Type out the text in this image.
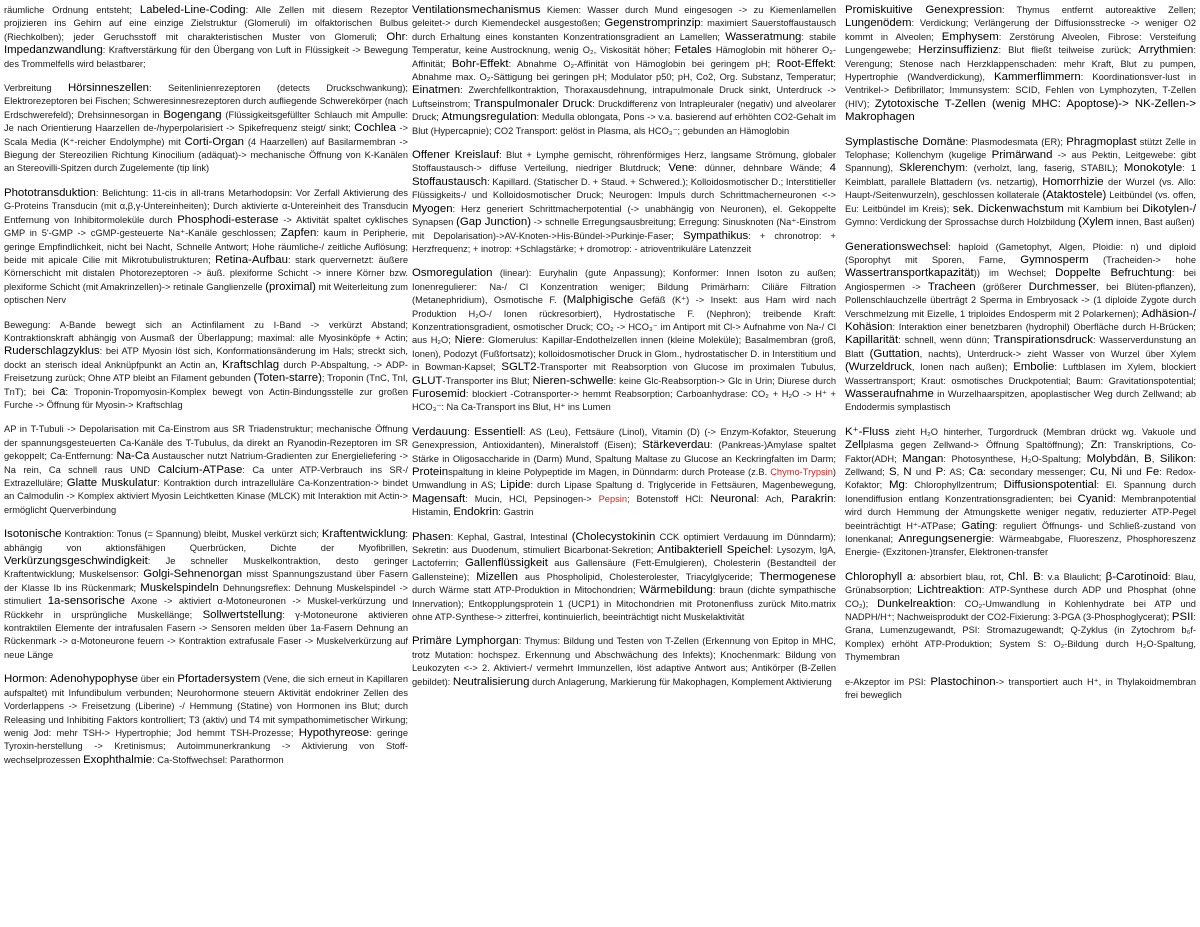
räumliche Ordnung entsteht; Labeled-Line-Coding: Alle Zellen mit diesem Rezeptor projizieren ins Gehirn auf eine einzige Zielstruktur (Glomeruli) im olfaktorischen Bulbus (Riechkolben); jeder Geruchsstoff mit charakteristischen Muster von Glomeruli; Ohr: Impedanzwandlung: Kraftverstärkung für den Übergang von Luft in Flüssigkeit -> Bewegung des Trommelfells wird belastbarer;

Verbreitung Hörsinneszellen: Seitenlinienrezeptoren (detects Druckschwankung); Elektrorezeptoren bei Fischen; Schweresinnesrezeptoren durch aufliegende Schwerekörper (nach Erdschwerefeld); Drehsinnesorgan in Bogengang (Flüssigkeitsgefüllter Schlauch mit Ampulle: Je nach Orientierung Haarzellen de-/hyperpolarisiert -> Spikefrequenz steigt/ sinkt; Cochlea -> Scala Media (K⁺-reicher Endolymphe) mit Corti-Organ (4 Haarzellen) auf Basilarmembran -> Biegung der Stereozilien Richtung Kinocilium (adäquat)-> mechanische Öffnung von K-Kanälen an Stereovilli-Spitzen durch Zugelemente (tip link)

Phototransduktion: Belichtung: 11-cis in all-trans Metarhodopsin: Vor Zerfall Aktivierung des G-Proteins Transducin (mit α,β,γ-Untereinheiten); Durch aktivierte α-Untereinheit des Transducin Entfernung von Inhibitormoleküle durch Phosphodi-esterase -> Aktivität spaltet cyklisches GMP in 5'-GMP -> cGMP-gesteuerte Na⁺-Kanäle geschlossen; Zapfen: kaum in Peripherie, geringe Empfindlichkeit, nicht bei Nacht, Schnelle Antwort; Hohe räumliche-/ zeitliche Auflösung; beide mit apicale Cilie mit Mikrotubulistrukturen; Retina-Aufbau: stark quervernetzt: äußere Körnerschicht mit distalen Photorezeptoren -> äuß. plexiforme Schicht -> innere Körner bzw. plexiforme Schicht (mit Amakrinzellen)-> retinale Ganglienzelle (proximal) mit Weiterleitung zum optischen Nerv

Bewegung: A-Bande bewegt sich an Actinfilament zu I-Band -> verkürzt Abstand; Kontraktionskraft abhängig von Ausmaß der Überlappung; maximal: alle Myosinköpfe + Actin; Ruderschlagzyklus: bei ATP Myosin löst sich, Konformationsänderung im Hals; streckt sich, dockt an sterisch ideal Anknüpfpunkt an Actin an, Kraftschlag durch P-Abspaltung, -> ADP-Freisetzung zurück; Ohne ATP bleibt an Filament gebunden (Toten-starre); Troponin (TnC, TnI, TnT); bei Ca: Troponin-Tropomyosin-Komplex bewegt von Actin-Bindungsstelle zur großen Furche -> Öffnung für Myosin-> Kraftschlag

AP in T-Tubuli -> Depolarisation mit Ca-Einstrom aus SR Triadenstruktur; mechanische Öffnung der spannungsgesteuerten Ca-Kanäle des T-Tubulus, da direkt an Ryanodin-Rezeptoren im SR gekoppelt; Ca-Entfernung: Na-Ca Austauscher nutzt Natrium-Gradienten zur Energieliefering -> Na rein, Ca schnell raus UND Calcium-ATPase: Ca unter ATP-Verbrauch ins SR-/ Extrazelluläre; Glatte Muskulatur: Kontraktion durch intrazelluläre Ca-Konzentration-> bindet an Calmodulin -> Komplex aktiviert Myosin Leichtketten Kinase (MLCK) mit Interaktion mit Actin-> ermöglicht Querverbindung

Isotonische Kontraktion: Tonus (= Spannung) bleibt, Muskel verkürzt sich; Kraftentwicklung: abhängig von aktionsfähigen Querbrücken, Dichte der Myofibrillen, Verkürzungsgeschwindigkeit: Je schneller Muskelkontraktion, desto geringer Kraftentwicklung; Muskelsensor: Golgi-Sehnenorgan misst Spannungszustand über Fasern der Klasse Ib ins Rückenmark; Muskelspindeln Dehnungsreflex: Dehnung Muskelspindel -> stimuliert 1a-sensorische Axone -> aktiviert α-Motoneuronen -> Muskel-verkürzung und Rückkehr in ursprüngliche Muskellänge; Sollwertstellung: γ-Motoneurone aktivieren kontraktilen Elemente der intrafusalen Fasern -> Sensoren melden über 1a-Fasern Dehnung an Rückenmark -> α-Motoneurone feuern -> Kontraktion extrafusale Faser -> Muskelverkürzung auf neue Länge

Hormon: Adenohypophyse über ein Pfortadersystem (Vene, die sich erneut in Kapillaren aufspaltet) mit Infundibulum verbunden; Neurohormone steuern Aktivität endokriner Zellen des Vorderlappens -> Freisetzung (Liberine) -/ Hemmung (Statine) von Hormonen ins Blut; durch Releasing und Inhibiting Faktors kontrolliert; T3 (aktiv) und T4 mit sympathomimetischer Wirkung; wenig Jod: mehr TSH-> Hypertrophie; Jod hemmt TSH-Prozesse; Hypothyreose: geringe Tyroxin-herstellung -> Kretinismus; Autoimmunerkrankung -> Aktivierung von Stoff-wechselprozessen Exophthalmie: Ca-Stoffwechsel: Parathormon

Ventilationsmechanismus Kiemen: Wasser durch Mund eingesogen -> zu Kiemenlamellen geleitet-> durch Kiemendeckel ausgestoßen; Gegenstromprinzip: maximiert Sauerstoffaustausch durch Erhaltung eines konstanten Konzentrationsgradient an Lamellen; Wasseratmung: stabile Temperatur, keine Austrocknung, wenig O₂, Viskosität höher; Fetales Hämoglobin mit höherer O₂-Affinität; Bohr-Effekt: Abnahme O₂-Affinität von Hämoglobin bei geringem pH; Root-Effekt: Abnahme max. O₂-Sättigung bei geringen pH; Modulator p50; pH, Co2, Org. Substanz, Temperatur; Einatmen: Zwerchfellkontraktion, Thoraxausdehnung, intrapulmonale Druck sinkt, Unterdruck -> Luftseinstrom; Transpulmonaler Druck: Druckdifferenz von Intrapleuraler (negativ) und alveolarer Druck; Atmungsregulation: Medulla oblongata, Pons -> v.a. basierend auf erhöhten CO2-Gehalt im Blut (Hypercapnie); CO2 Transport: gelöst in Plasma, als HCO₃⁻; gebunden an Hämoglobin

Offener Kreislauf: Blut + Lymphe gemischt, röhrenförmiges Herz, langsame Strömung, globaler Stoffaustausch-> diffuse Verteilung, niedriger Blutdruck; Vene: dünner, dehnbare Wände; 4 Stoffaustausch: Kapillard. (Statischer D. + Staud. + Schwered.); Kolloidosmotischer D.; Interstitieller Flüssigkeits-/ und Kolloidosmotischer Druck; Neurogen: Impuls durch Schrittmacherneuronen <-> Myogen: Herz generiert Schrittmacherpotential (-> unabhängig von Neuronen), el. Gekoppelte Synapsen (Gap Junction) -> schnelle Erregungsausbreitung; Erregung: Sinusknoten (Na⁺-Einstrom mit Depolarisation)->AV-Knoten->His-Bündel->Purkinje-Faser; Sympathikus: + chronotrop: + Herzfrequenz; + inotrop: +Schlagstärke; + dromotrop: - atrioventrikuläre Latenzzeit

Osmoregulation (linear): Euryhalin (gute Anpassung); Konformer: Innen Isoton zu außen; Ionenregulierer: Na-/ Cl Konzentration weniger; Bildung Primärharn: Ciliäre Filtration (Metanephridium), Osmotische F. (Malphigische Gefäß (K⁺) -> Insekt: aus Harn wird nach Produktion H₂O-/ Ionen rückresorbiert), Hydrostatische F. (Nephron); treibende Kraft: Konzentrationsgradient, osmotischer Druck; CO₂ -> HCO₃⁻ im Antiport mit Cl-> Aufnahme von Na-/ Cl aus H₂O; Niere: Glomerulus: Kapillar-Endothelzellen innen (kleine Moleküle); Basalmembran (groß, Ionen), Podozyt (Fußfortsatz); kolloidosmotischer Druck in Glom., hydrostatischer D. in Interstitium und in Bowman-Kapsel; SGLT2-Transporter mit Reabsorption von Glucose im proximalen Tubulus, GLUT-Transporter ins Blut; Nieren-schwelle: keine Glc-Reabsorption-> Glc in Urin; Diurese durch Furosemid: blockiert -Cotransporter-> hemmt Reabsorption; Carboanhydrase: CO₂ + H₂O -> H⁺ + HCO₃⁻: Na Ca-Transport ins Blut, H⁺ ins Lumen

Verdauung: Essentiell: AS (Leu), Fettsäure (Linol), Vitamin (D) (-> Enzym-Kofaktor, Steuerung Genexpression, Antioxidanten), Mineralstoff (Eisen); Stärkeverdau: (Pankreas-)Amylase spaltet Stärke in Oligosaccharide in (Darm) Mund, Spaltung Maltase zu Glucose an Keckringfalten im Darm; Proteinspaltung in kleine Polypeptide im Magen, in Dünndarm: durch Protease (z.B. Chymo-Trypsin) Umwandlung in AS; Lipide: durch Lipase Spaltung d. Triglyceride in Fettsäuren, Magenbewegung, Magensaft: Mucin, HCl, Pepsinogen-> Pepsin; Botenstoff HCl: Neuronal: Ach, Parakrin: Histamin, Endokrin: Gastrin

Phasen: Kephal, Gastral, Intestinal (Cholecystokinin CCK optimiert Verdauung im Dünndarm); Sekretin: aus Duodenum, stimuliert Bicarbonat-Sekretion; Antibakteriell Speichel: Lysozym, IgA, Lactoferrin; Gallenflüssigkeit aus Gallensäure (Fett-Emulgieren), Cholesterin (Bestandteil der Gallensteine); Mizellen aus Phospholipid, Cholesterolester, Triacylglyceride; Thermogenese durch Wärme statt ATP-Produktion in Mitochondrien; Wärmebildung: braun (dichte sympathische Innervation); Entkopplungsprotein 1 (UCP1) in Mitochondrien mit Protonenfluss zurück Mito.matrix ohne ATP-Synthese-> zitterfrei, kontinuierlich, beeinträchtigt nicht Muskelaktivität

Primäre Lymphorgan: Thymus: Bildung und Testen von T-Zellen (Erkennung von Epitop in MHC, trotz Mutation: hochspez. Erkennung und Abschwächung des Infekts); Knochenmark: Bildung von Leukozyten <-> 2. Aktiviert-/ vermehrt Immunzellen, löst adaptive Antwort aus; Antikörper (B-Zellen gebildet): Neutralisierung durch Anlagerung, Markierung für Makophagen, Komplement Aktivierung

Promiskuitive Genexpression: Thymus entfernt autoreaktive Zellen; Lungenödem: Verdickung; Verlängerung der Diffusionsstrecke -> weniger O2 kommt in Alveolen; Emphysem: Zerstörung Alveolen, Fibrose: Versteifung Lungengewebe; Herzinsuffizienz: Blut fließt teilweise zurück; Arrythmien: Verengung; Stenose nach Herzklappenschaden: mehr Kraft, Blut zu pumpen, Hypertrophie (Wandverdickung), Kammerflimmern: Koordinationsver-lust in Ventrikel-> Defibrillator; Immunsystem: SCID, Fehlen von Lymphozyten, T-Zellen (HIV); Zytotoxische T-Zellen (wenig MHC: Apoptose)-> NK-Zellen-> Makrophagen

Symplastische Domäne: Plasmodesmata (ER); Phragmoplast stützt Zelle in Telophase; Kollenchym (kugelige Primärwand -> aus Pektin, Leitgewebe: gibt Spannung), Sklerenchym: (verholzt, lang, faserig, STABIL); Monokotyle: 1 Keimblatt, parallele Blattadern (vs. netzartig), Homorrhizie der Wurzel (vs. Allo: Haupt-/Seitenwurzeln), geschlossen kollaterale (Ataktostele) Leitbündel (vs. offen, Eu: Leitbündel im Kreis); sek. Dickenwachstum mit Kambium bei Dikotylen-/ Gymno: Verdickung der Sprossachse durch Holzbildung (Xylem innen, Bast außen)

Generationswechsel: haploid (Gametophyt, Algen, Ploidie: n) und diploid (Sporophyt mit Sporen, Farne, Gymnosperm (Tracheiden-> hohe Wassertransportkapazität)) im Wechsel; Doppelte Befruchtung: bei Angiospermen -> Tracheen (größerer Durchmesser, bei Blüten-pflanzen), Pollenschlauchzelle überträgt 2 Sperma in Embryosack -> (1 diploide Zygote durch Verschmelzung mit Eizelle, 1 triploides Endosperm mit 2 Polarkernen); Adhäsion-/ Kohäsion: Interaktion einer benetzbaren (hydrophil) Oberfläche durch H-Brücken; Kapillarität: schnell, wenn dünn; Transpirationsdruck: Wasserverdunstung an Blatt (Guttation, nachts), Unterdruck-> zieht Wasser von Wurzel über Xylem (Wurzeldruck, Ionen nach außen); Embolie: Luftblasen im Xylem, blockiert Wassertransport; Kraut: osmotisches Druckpotential; Baum: Gravitationspotential; Wasseraufnahme in Wurzelhaarspitzen, apoplastischer Weg durch Zellwand; ab Endodermis symplastisch

K⁺-Fluss zieht H₂O hinterher, Turgordruck (Membran drückt wg. Vakuole und Zellplasma gegen Zellwand-> Öffnung Spaltöffnung); Zn: Transkriptions, Co-Faktor(ADH; Mangan: Photosynthese, H₂O-Spaltung; Molybdän, B, Silikon: Zellwand; S, N und P: AS; Ca: secondary messenger; Cu, Ni und Fe: Redox-Kofaktor; Mg: Chlorophyllzentrum; Diffusionspotential: El. Spannung durch Ionendiffusion entlang Konzentrationsgradienten; bei Cyanid: Membranpotential wird durch Hemmung der Atmungskette weniger negativ, reduzierter ATP-Pegel beeinträchtigt H⁺-ATPase; Gating: reguliert Öffnungs- und Schließ-zustand von Ionenkanal; Anregungsenergie: Wärmeabgabe, Fluoreszenz, Phosphoreszenz Energie- (Exzitonen-)transfer, Elektronen-transfer

Chlorophyll a: absorbiert blau, rot, Chl. B: v.a Blaulicht; β-Carotinoid: Blau, Grünabsorption; Lichtreaktion: ATP-Synthese durch ADP und Phosphat (ohne CO₂); Dunkelreaktion: CO₂-Umwandlung in Kohlenhydrate bei ATP und NADPH/H⁺; Nachweisprodukt der CO2-Fixierung: 3-PGA (3-Phosphoglycerat); PSII: Grana, Lumenzugewandt, PSI: Stromazugewandt; Q-Zyklus (in Zytochrom b₆f-Komplex) erhöht ATP-Produktion; System S: O₂-Bildung durch H₂O-Spaltung, Thymembran

e-Akzeptor im PSI: Plastochinon-> transportiert auch H⁺, in Thylakoidmembran frei beweglich
